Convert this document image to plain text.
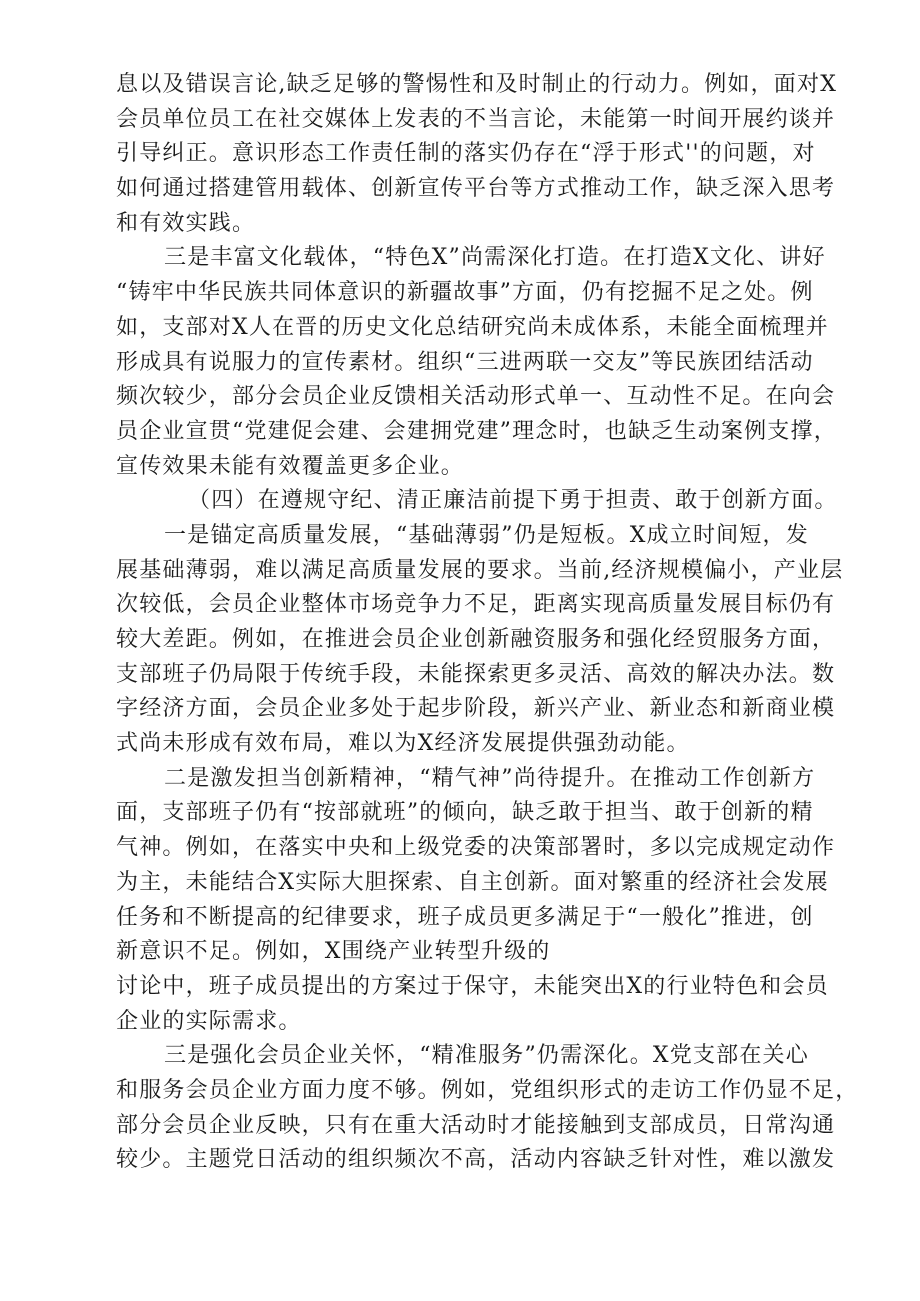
息以及错误言论,缺乏足够的警惕性和及时制止的行动力。例如，面对X
会员单位员工在社交媒体上发表的不当言论，未能第一时间开展约谈并
引导纠正。意识形态工作责任制的落实仍存在“浮于形式''的问题，对
如何通过搭建管用载体、创新宣传平台等方式推动工作，缺乏深入思考
和有效实践。
三是丰富文化载体，“特色X”尚需深化打造。在打造X文化、讲好
“铸牢中华民族共同体意识的新疆故事”方面，仍有挖掘不足之处。例
如，支部对X人在晋的历史文化总结研究尚未成体系，未能全面梳理并
形成具有说服力的宣传素材。组织“三进两联一交友”等民族团结活动
频次较少，部分会员企业反馈相关活动形式单一、互动性不足。在向会
员企业宣贯“党建促会建、会建拥党建”理念时，也缺乏生动案例支撑，
宣传效果未能有效覆盖更多企业。
（四）在遵规守纪、清正廉洁前提下勇于担责、敢于创新方面。
一是锚定高质量发展，“基础薄弱”仍是短板。X成立时间短，发
展基础薄弱，难以满足高质量发展的要求。当前,经济规模偏小，产业层
次较低，会员企业整体市场竞争力不足，距离实现高质量发展目标仍有
较大差距。例如，在推进会员企业创新融资服务和强化经贸服务方面，
支部班子仍局限于传统手段，未能探索更多灵活、高效的解决办法。数
字经济方面，会员企业多处于起步阶段，新兴产业、新业态和新商业模
式尚未形成有效布局，难以为X经济发展提供强劲动能。
二是激发担当创新精神，“精气神”尚待提升。在推动工作创新方
面，支部班子仍有“按部就班”的倾向，缺乏敢于担当、敢于创新的精
气神。例如，在落实中央和上级党委的决策部署时，多以完成规定动作
为主，未能结合X实际大胆探索、自主创新。面对繁重的经济社会发展
任务和不断提高的纪律要求，班子成员更多满足于“一般化”推进，创
新意识不足。例如，X围绕产业转型升级的
讨论中，班子成员提出的方案过于保守，未能突出X的行业特色和会员
企业的实际需求。
三是强化会员企业关怀，“精准服务”仍需深化。X党支部在关心
和服务会员企业方面力度不够。例如，党组织形式的走访工作仍显不足，
部分会员企业反映，只有在重大活动时才能接触到支部成员，日常沟通
较少。主题党日活动的组织频次不高，活动内容缺乏针对性，难以激发
